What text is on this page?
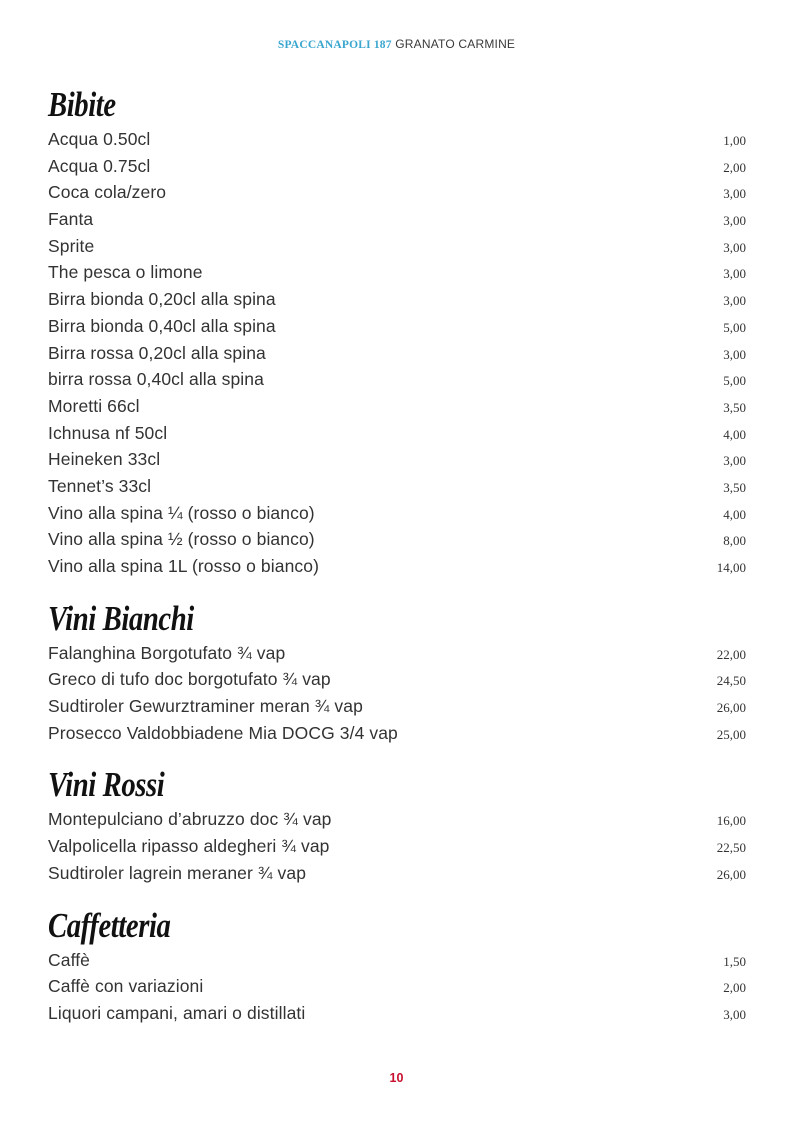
SPACCANAPOLI 187 GRANATO CARMINE
Bibite
Acqua 0.50cl	1,00
Acqua 0.75cl	2,00
Coca cola/zero	3,00
Fanta	3,00
Sprite	3,00
The pesca o limone	3,00
Birra bionda 0,20cl alla spina	3,00
Birra bionda 0,40cl alla spina	5,00
Birra rossa 0,20cl alla spina	3,00
birra rossa 0,40cl alla spina	5,00
Moretti 66cl	3,50
Ichnusa nf 50cl	4,00
Heineken 33cl	3,00
Tennet’s 33cl	3,50
Vino alla spina ¼ (rosso o bianco)	4,00
Vino alla spina ½ (rosso o bianco)	8,00
Vino alla spina 1L (rosso o bianco)	14,00
Vini Bianchi
Falanghina Borgotufato ¾ vap	22,00
Greco di tufo doc borgotufato ¾ vap	24,50
Sudtiroler Gewurztraminer meran ¾ vap	26,00
Prosecco Valdobbiadene Mia DOCG 3/4 vap	25,00
Vini Rossi
Montepulciano d’abruzzo doc ¾ vap	16,00
Valpolicella ripasso aldegheri ¾ vap	22,50
Sudtiroler lagrein meraner ¾ vap	26,00
Caffetteria
Caffè	1,50
Caffè con variazioni	2,00
Liquori campani, amari o distillati	3,00
10
